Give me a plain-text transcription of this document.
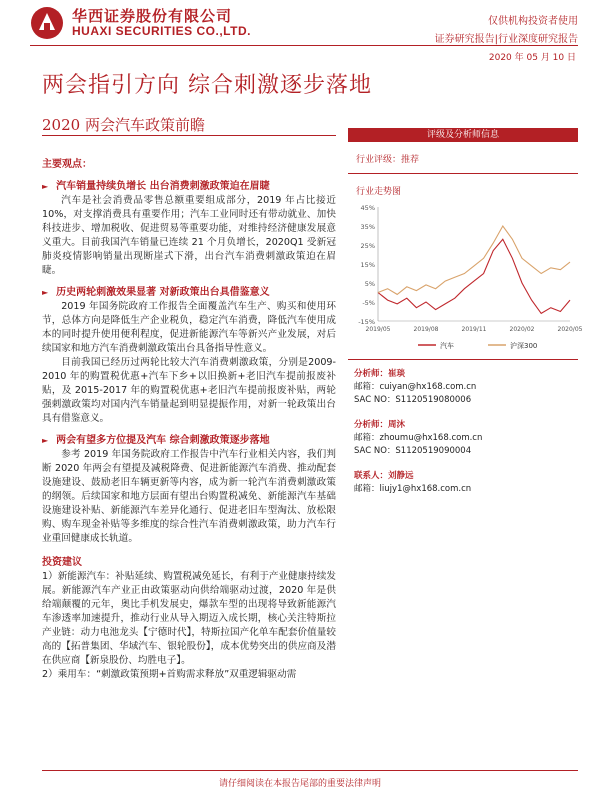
华西证券股份有限公司
HUAXI SECURITIES CO.,LTD.
仅供机构投资者使用
证券研究报告|行业深度研究报告
2020 年 05 月 10 日
两会指引方向 综合刺激逐步落地
2020 两会汽车政策前瞻

主要观点：

► 汽车销量持续负增长 出台消费刺激政策迫在眉睫

汽车是社会消费品零售总额重要组成部分，2019 年占比接近10%，对支撑消费具有重要作用；汽车工业同时还有带动就业、加快科技进步、增加税收、促进贸易等重要功能，对维持经济健康发展意义重大。目前我国汽车销量已连续 21 个月负增长，2020Q1 受新冠肺炎疫情影响销量出现断崖式下滑，出台汽车消费刺激政策迫在眉睫。

► 历史两轮刺激效果显著 对新政策出台具借鉴意义

2019 年国务院政府工作报告全面覆盖汽车生产、购买和使用环节，总体方向是降低生产企业税负，稳定汽车消费，降低汽车使用成本的同时提升使用便利程度，促进新能源汽车等新兴产业发展，对后续国家和地方汽车消费刺激政策出台具备指导性意义。

目前我国已经历过两轮比较大汽车消费刺激政策，分别是2009-2010 年的购置税优惠+汽车下乡+以旧换新+老旧汽车提前报废补贴，及 2015-2017 年的购置税优惠+老旧汽车提前报废补贴，两轮强刺激政策均对国内汽车销量起到明显提振作用，对新一轮政策出台具有借鉴意义。

► 两会有望多方位提及汽车 综合刺激政策逐步落地

参考 2019 年国务院政府工作报告中汽车行业相关内容，我们判断 2020 年两会有望提及减税降费、促进新能源汽车消费、推动配套设施建设、鼓励老旧车辆更新等内容，成为新一轮汽车消费刺激政策的纲领。后续国家和地方层面有望出台购置税减免、新能源汽车基础设施建设补贴、新能源汽车差异化通行、促进老旧车型淘汰、放松限购、购车现金补贴等多维度的综合性汽车消费刺激政策，助力汽车行业重回健康成长轨道。

投资建议

1）新能源汽车：补贴延续、购置税减免延长，有利于产业健康持续发展。新能源汽车产业正由政策驱动向供给端驱动过渡，2020 年是供给端颠覆的元年，奥比手机发展史，爆款车型的出现将导致新能源汽车渗透率加速提升，推动行业从导入期迈入成长期，核心关注特斯拉产业链：动力电池龙头【宁德时代】，特斯拉国产化单车配套价值量较高的【拓普集团、华域汽车、银轮股份】，成本优势突出的供应商及潜在供应商【新泉股份、均胜电子】。

2）乘用车：“刺激政策预期+首购需求释放”双重逻辑驱动需

评级及分析师信息
行业评级：推荐
行业走势图
45%
35%
25%
15%
5%
-5%
-15%
2019/05	2019/08	2019/11	2020/02	2020/05
汽车	沪深300
分析师：崔琰
邮箱：cuiyan@hx168.com.cn
SAC NO：S1120519080006
分析师：周沐
邮箱：zhoumu@hx168.com.cn
SAC NO：S1120519090004
联系人：刘静远
邮箱：liujy1@hx168.com.cn
请仔细阅读在本报告尾部的重要法律声明
